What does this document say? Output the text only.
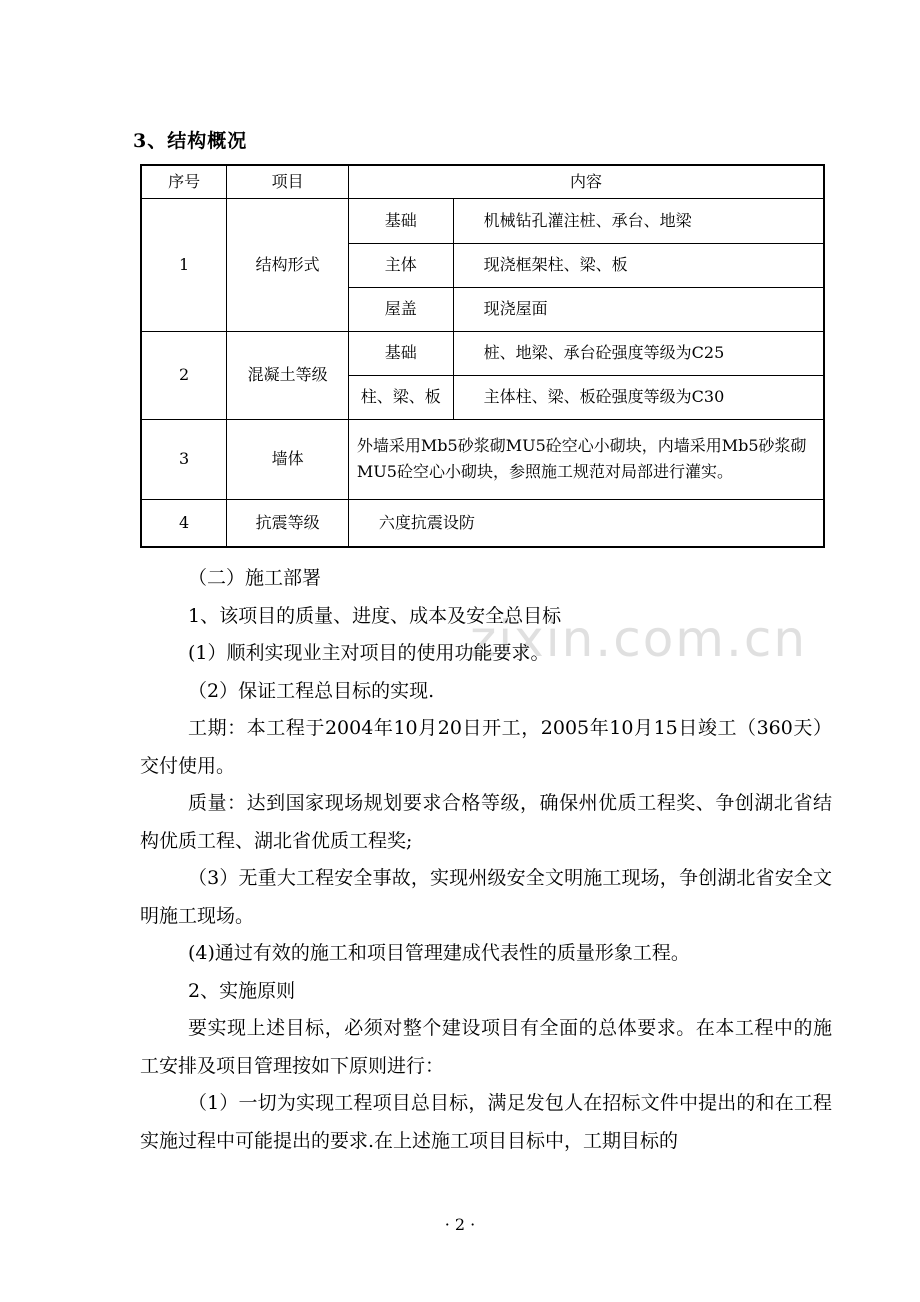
3、结构概况
序号	项目	内容	
1	结构形式	基础	机械钻孔灌注桩、承台、地梁
		主体	现浇框架柱、梁、板
		屋盖	现浇屋面
2	混凝土等级	基础	桩、地梁、承台砼强度等级为C25
		柱、梁、板	主体柱、梁、板砼强度等级为C30
3	墙体	外墙采用Mb5砂浆砌MU5砼空心小砌块，内墙采用Mb5砂浆砌MU5砼空心小砌块，参照施工规范对局部进行灌实。	
4	抗震等级	六度抗震设防	
zixin.com.cn

（二）施工部署

1、该项目的质量、进度、成本及安全总目标

(1）顺利实现业主对项目的使用功能要求。

（2）保证工程总目标的实现.

工期：本工程于2004年10月20日开工，2005年10月15日竣工（360天）交付使用。

质量：达到国家现场规划要求合格等级，确保州优质工程奖、争创湖北省结构优质工程、湖北省优质工程奖;

（3）无重大工程安全事故，实现州级安全文明施工现场，争创湖北省安全文明施工现场。

(4)通过有效的施工和项目管理建成代表性的质量形象工程。

2、实施原则

要实现上述目标，必须对整个建设项目有全面的总体要求。在本工程中的施工安排及项目管理按如下原则进行：

（1）一切为实现工程项目总目标，满足发包人在招标文件中提出的和在工程实施过程中可能提出的要求.在上述施工项目目标中，工期目标的

· 2 ·
